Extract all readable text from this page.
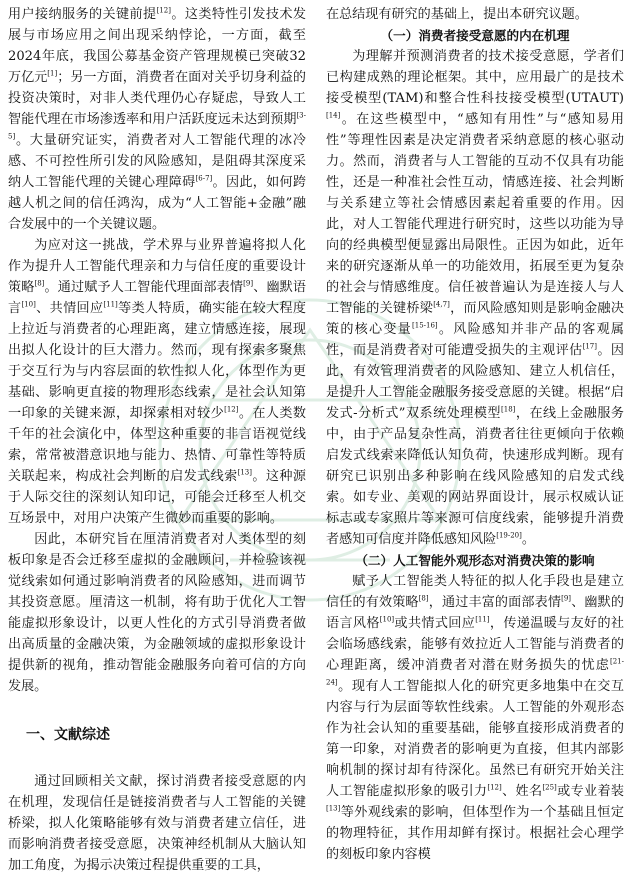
用户接纳服务的关键前提[12]。这类特性引发技术发展与市场应用之间出现采纳悖论，一方面，截至2024年底，我国公募基金资产管理规模已突破32万亿元[1]；另一方面，消费者在面对关乎切身利益的投资决策时，对非人类代理仍心存疑虑，导致人工智能代理在市场渗透率和用户活跃度远未达到预期[3-5]。大量研究证实，消费者对人工智能代理的冰冷感、不可控性所引发的风险感知，是阻碍其深度采纳人工智能代理的关键心理障碍[6-7]。因此，如何跨越人机之间的信任鸿沟，成为“人工智能+金融”融合发展中的一个关键议题。

为应对这一挑战，学术界与业界普遍将拟人化作为提升人工智能代理亲和力与信任度的重要设计策略[8]。通过赋予人工智能代理面部表情[9]、幽默语言[10]、共情回应[11]等类人特质，确实能在较大程度上拉近与消费者的心理距离，建立情感连接，展现出拟人化设计的巨大潜力。然而，现有探索多聚焦于交互行为与内容层面的软性拟人化，体型作为更基础、影响更直接的物理形态线索，是社会认知第一印象的关键来源，却探索相对较少[12]。在人类数千年的社会演化中，体型这种重要的非言语视觉线索，常常被潜意识地与能力、热情、可靠性等特质关联起来，构成社会判断的启发式线索[13]。这种源于人际交往的深刻认知印记，可能会迁移至人机交互场景中，对用户决策产生微妙而重要的影响。

因此，本研究旨在厘清消费者对人类体型的刻板印象是否会迁移至虚拟的金融顾问，并检验该视觉线索如何通过影响消费者的风险感知，进而调节其投资意愿。厘清这一机制，将有助于优化人工智能虚拟形象设计，以更人性化的方式引导消费者做出高质量的金融决策，为金融领域的虚拟形象设计提供新的视角，推动智能金融服务向着可信的方向发展。

一、文献综述

通过回顾相关文献，探讨消费者接受意愿的内在机理，发现信任是链接消费者与人工智能的关键桥梁，拟人化策略能够有效与消费者建立信任，进而影响消费者接受意愿，决策神经机制从大脑认知加工角度，为揭示决策过程提供重要的工具，

在总结现有研究的基础上，提出本研究议题。

（一）消费者接受意愿的内在机理

为理解并预测消费者的技术接受意愿，学者们已构建成熟的理论框架。其中，应用最广的是技术接受模型(TAM)和整合性科技接受模型(UTAUT)[14]。在这些模型中，“感知有用性”与“感知易用性”等理性因素是决定消费者采纳意愿的核心驱动力。然而，消费者与人工智能的互动不仅具有功能性，还是一种准社会性互动，情感连接、社会判断与关系建立等社会情感因素起着重要的作用。因此，对人工智能代理进行研究时，这些以功能为导向的经典模型便显露出局限性。正因为如此，近年来的研究逐渐从单一的功能效用，拓展至更为复杂的社会与情感维度。信任被普遍认为是连接人与人工智能的关键桥梁[4,7]，而风险感知则是影响金融决策的核心变量[15-16]。风险感知并非产品的客观属性，而是消费者对可能遭受损失的主观评估[17]。因此，有效管理消费者的风险感知、建立人机信任，是提升人工智能金融服务接受意愿的关键。根据“启发式-分析式”双系统处理模型[18]，在线上金融服务中，由于产品复杂性高，消费者往往更倾向于依赖启发式线索来降低认知负荷，快速形成判断。现有研究已识别出多种影响在线风险感知的启发式线索。如专业、美观的网站界面设计，展示权威认证标志或专家照片等来源可信度线索，能够提升消费者感知可信度并降低感知风险[19-20]。

（二）人工智能外观形态对消费决策的影响

赋予人工智能类人特征的拟人化手段也是建立信任的有效策略[8]，通过丰富的面部表情[9]、幽默的语言风格[10]或共情式回应[11]，传递温暖与友好的社会临场感线索，能够有效拉近人工智能与消费者的心理距离，缓冲消费者对潜在财务损失的忧虑[21-24]。现有人工智能拟人化的研究更多地集中在交互内容与行为层面等软性线索。人工智能的外观形态作为社会认知的重要基础，能够直接形成消费者的第一印象，对消费者的影响更为直接，但其内部影响机制的探讨却有待深化。虽然已有研究开始关注人工智能虚拟形象的吸引力[12]、姓名[25]或专业着装[13]等外观线索的影响，但体型作为一个基础且恒定的物理特征，其作用却鲜有探讨。根据社会心理学的刻板印象内容模
